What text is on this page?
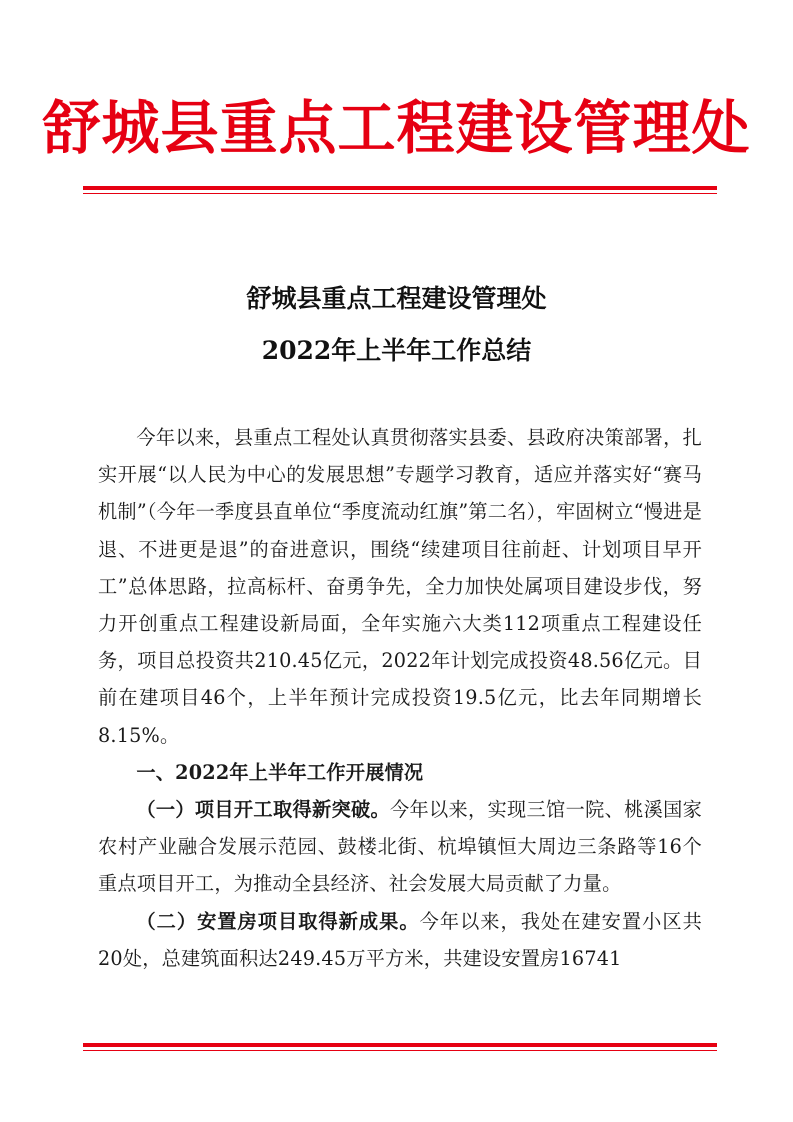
舒城县重点工程建设管理处
舒城县重点工程建设管理处
2022年上半年工作总结

今年以来，县重点工程处认真贯彻落实县委、县政府决策部署，扎实开展“以人民为中心的发展思想”专题学习教育，适应并落实好“赛马机制”（今年一季度县直单位“季度流动红旗”第二名），牢固树立“慢进是退、不进更是退”的奋进意识，围绕“续建项目往前赶、计划项目早开工”总体思路，拉高标杆、奋勇争先，全力加快处属项目建设步伐，努力开创重点工程建设新局面，全年实施六大类112项重点工程建设任务，项目总投资共210.45亿元，2022年计划完成投资48.56亿元。目前在建项目46个，上半年预计完成投资19.5亿元，比去年同期增长8.15%。

一、2022年上半年工作开展情况

（一）项目开工取得新突破。今年以来，实现三馆一院、桃溪国家农村产业融合发展示范园、鼓楼北街、杭埠镇恒大周边三条路等16个重点项目开工，为推动全县经济、社会发展大局贡献了力量。

（二）安置房项目取得新成果。今年以来，我处在建安置小区共20处，总建筑面积达249.45万平方米，共建设安置房16741
